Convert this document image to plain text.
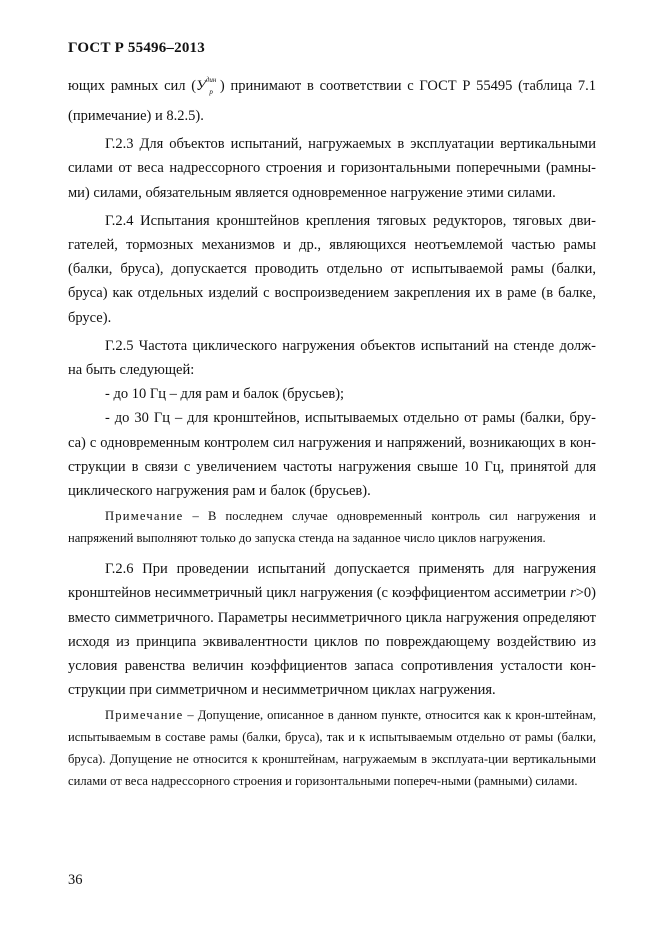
ГОСТ Р 55496–2013

ющих рамных сил ($У^{дин}_р$ ) принимают в соответствии с ГОСТ Р 55495 (таблица 7.1 (примечание) и 8.2.5).

Г.2.3 Для объектов испытаний, нагружаемых в эксплуатации вертикальными силами от веса надрессорного строения и горизонтальными поперечными (рамны-ми) силами, обязательным является одновременное нагружение этими силами.

Г.2.4 Испытания кронштейнов крепления тяговых редукторов, тяговых дви-гателей, тормозных механизмов и др., являющихся неотъемлемой частью рамы (балки, бруса), допускается проводить отдельно от испытываемой рамы (балки, бруса) как отдельных изделий с воспроизведением закрепления их в раме (в балке, брусе).

Г.2.5 Частота циклического нагружения объектов испытаний на стенде долж-на быть следующей:

- до 10 Гц – для рам и балок (брусьев);

- до 30 Гц – для кронштейнов, испытываемых отдельно от рамы (балки, бру-са) с одновременным контролем сил нагружения и напряжений, возникающих в кон-струкции в связи с увеличением частоты нагружения свыше 10 Гц, принятой для циклического нагружения рам и балок (брусьев).

Примечание – В последнем случае одновременный контроль сил нагружения и напряжений выполняют только до запуска стенда на заданное число циклов нагружения.

Г.2.6 При проведении испытаний допускается применять для нагружения кронштейнов несимметричный цикл нагружения (с коэффициентом ассиметрии r>0) вместо симметричного. Параметры несимметричного цикла нагружения определяют исходя из принципа эквивалентности циклов по повреждающему воздействию из условия равенства величин коэффициентов запаса сопротивления усталости кон-струкции при симметричном и несимметричном циклах нагружения.

Примечание – Допущение, описанное в данном пункте, относится как к крон-штейнам, испытываемым в составе рамы (балки, бруса), так и к испытываемым отдельно от рамы (балки, бруса). Допущение не относится к кронштейнам, нагружаемым в эксплуата-ции вертикальными силами от веса надрессорного строения и горизонтальными попереч-ными (рамными) силами.

36
